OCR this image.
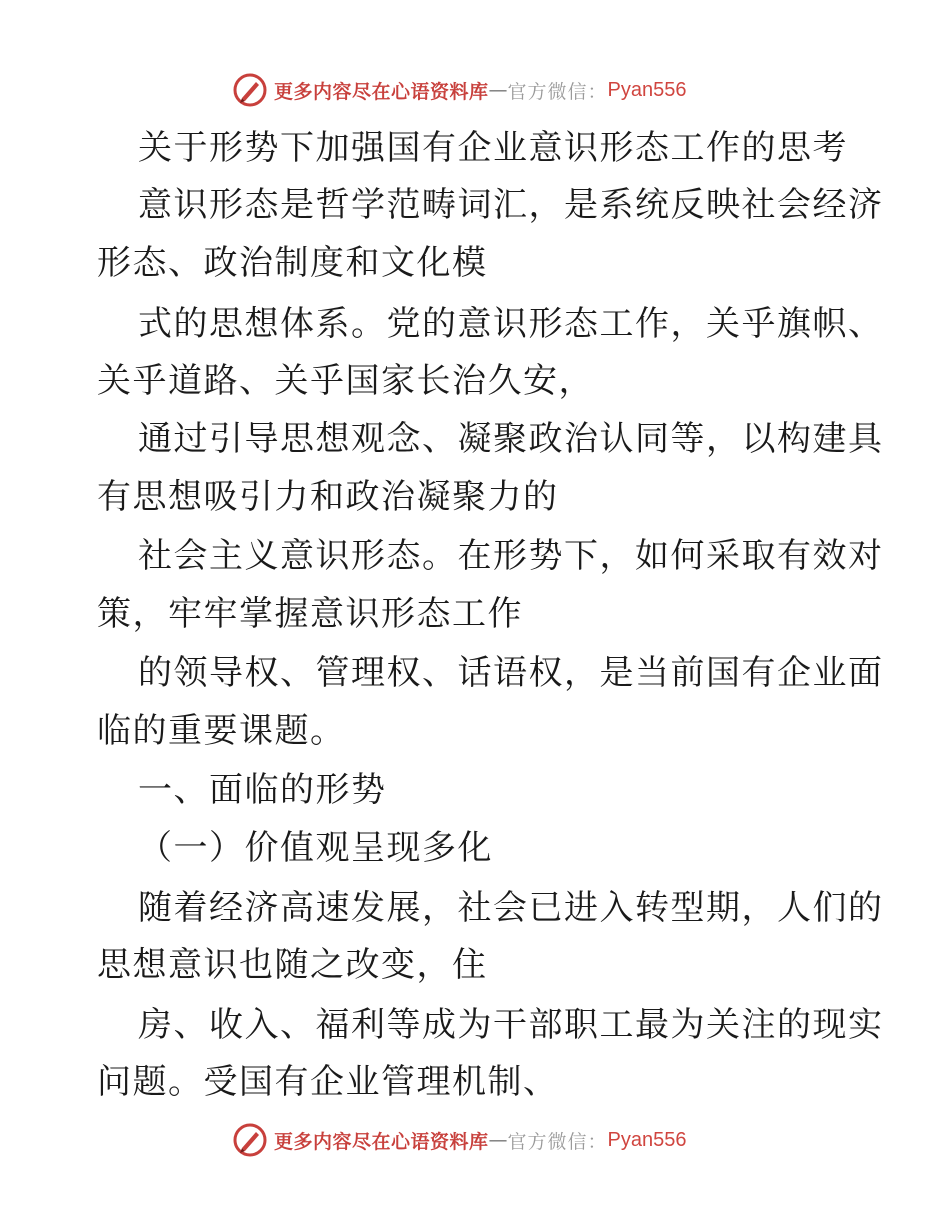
更多内容尽在心语资料库 — 官方微信： Pyan556
关于形势下加强国有企业意识形态工作的思考
意识形态是哲学范畴词汇，是系统反映社会经济
形态、政治制度和文化模
式的思想体系。党的意识形态工作，关乎旗帜、
关乎道路、关乎国家长治久安，
通过引导思想观念、凝聚政治认同等，以构建具
有思想吸引力和政治凝聚力的
社会主义意识形态。在形势下，如何采取有效对
策，牢牢掌握意识形态工作
的领导权、管理权、话语权，是当前国有企业面
临的重要课题。
一、面临的形势
（一）价值观呈现多化
随着经济高速发展，社会已进入转型期，人们的
思想意识也随之改变，住
房、收入、福利等成为干部职工最为关注的现实
问题。受国有企业管理机制、
更多内容尽在心语资料库 — 官方微信： Pyan556
